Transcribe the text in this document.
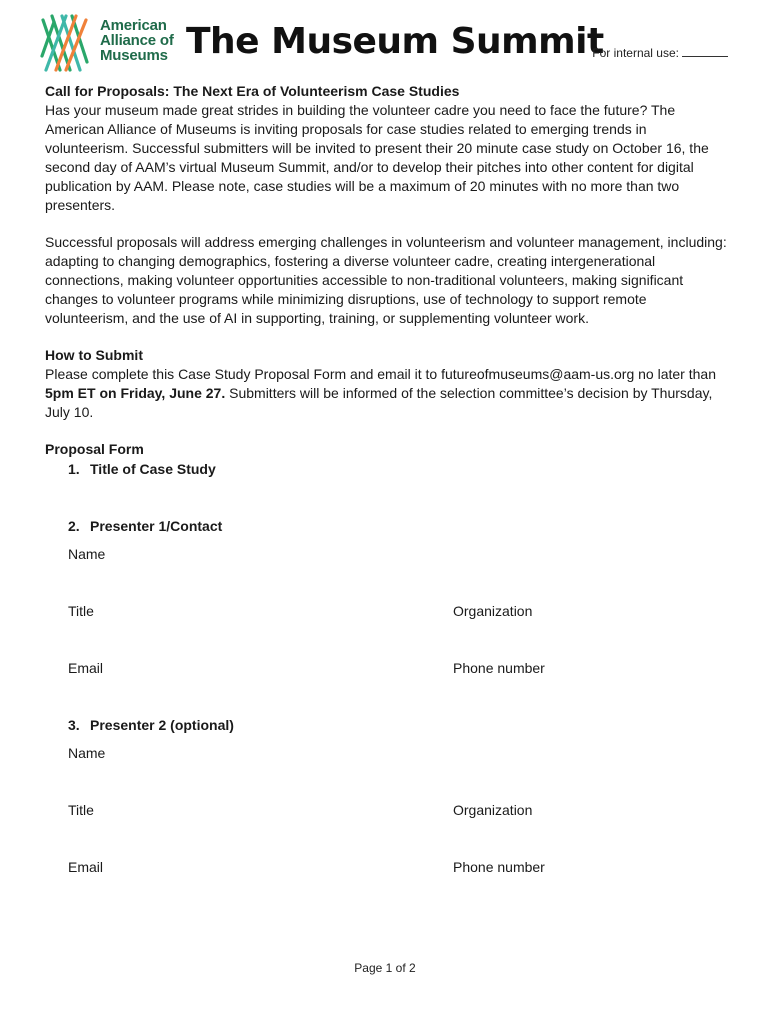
American
Alliance of
Museums The Museum Summit
For internal use:

Call for Proposals: The Next Era of Volunteerism Case Studies

Has your museum made great strides in building the volunteer cadre you need to face the future? The American Alliance of Museums is inviting proposals for case studies related to emerging trends in volunteerism. Successful submitters will be invited to present their 20 minute case study on October 16, the second day of AAM’s virtual Museum Summit, and/or to develop their pitches into other content for digital publication by AAM. Please note, case studies will be a maximum of 20 minutes with no more than two presenters.

Successful proposals will address emerging challenges in volunteerism and volunteer management, including: adapting to changing demographics, fostering a diverse volunteer cadre, creating intergenerational connections, making volunteer opportunities accessible to non-traditional volunteers, making significant changes to volunteer programs while minimizing disruptions, use of technology to support remote volunteerism, and the use of AI in supporting, training, or supplementing volunteer work.

How to Submit

Please complete this Case Study Proposal Form and email it to futureofmuseums@aam-us.org no later than 5pm ET on Friday, June 27. Submitters will be informed of the selection committee’s decision by Thursday, July 10.

Proposal Form

1. Title of Case Study
2. Presenter 1/Contact
Name
Title	Organization
Email	Phone number
3. Presenter 2 (optional)
Name
Title	Organization
Email	Phone number
Page 1 of 2
